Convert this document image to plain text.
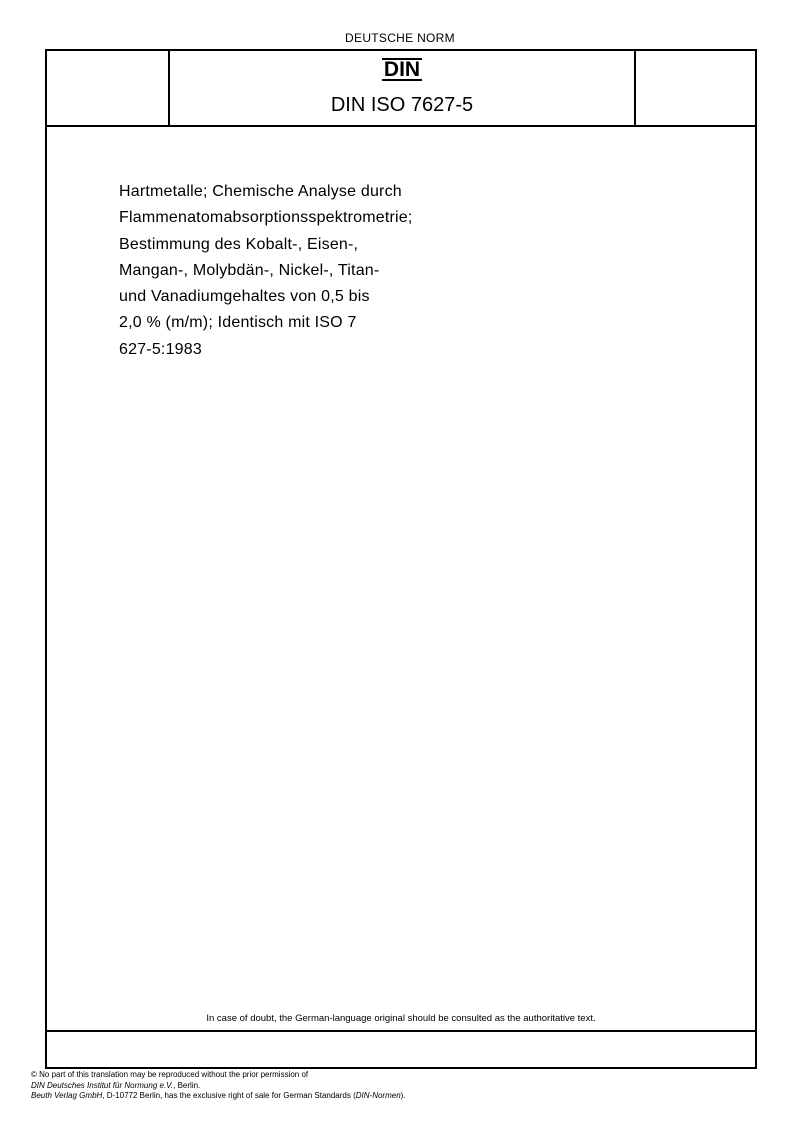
DEUTSCHE NORM
DIN
DIN ISO 7627-5

Hartmetalle; Chemische Analyse durch
Flammenatomabsorptionsspektrometrie;
Bestimmung des Kobalt-, Eisen-,
Mangan-, Molybdän-, Nickel-, Titan-
und Vanadiumgehaltes von 0,5 bis
2,0 % (m/m); Identisch mit ISO 7
627-5:1983

In case of doubt, the German-language original should be consulted as the authoritative text.
© No part of this translation may be reproduced without the prior permission of
DIN Deutsches Institut für Normung e.V., Berlin.
Beuth Verlag GmbH, D-10772 Berlin, has the exclusive right of sale for German Standards (DIN-Normen).
